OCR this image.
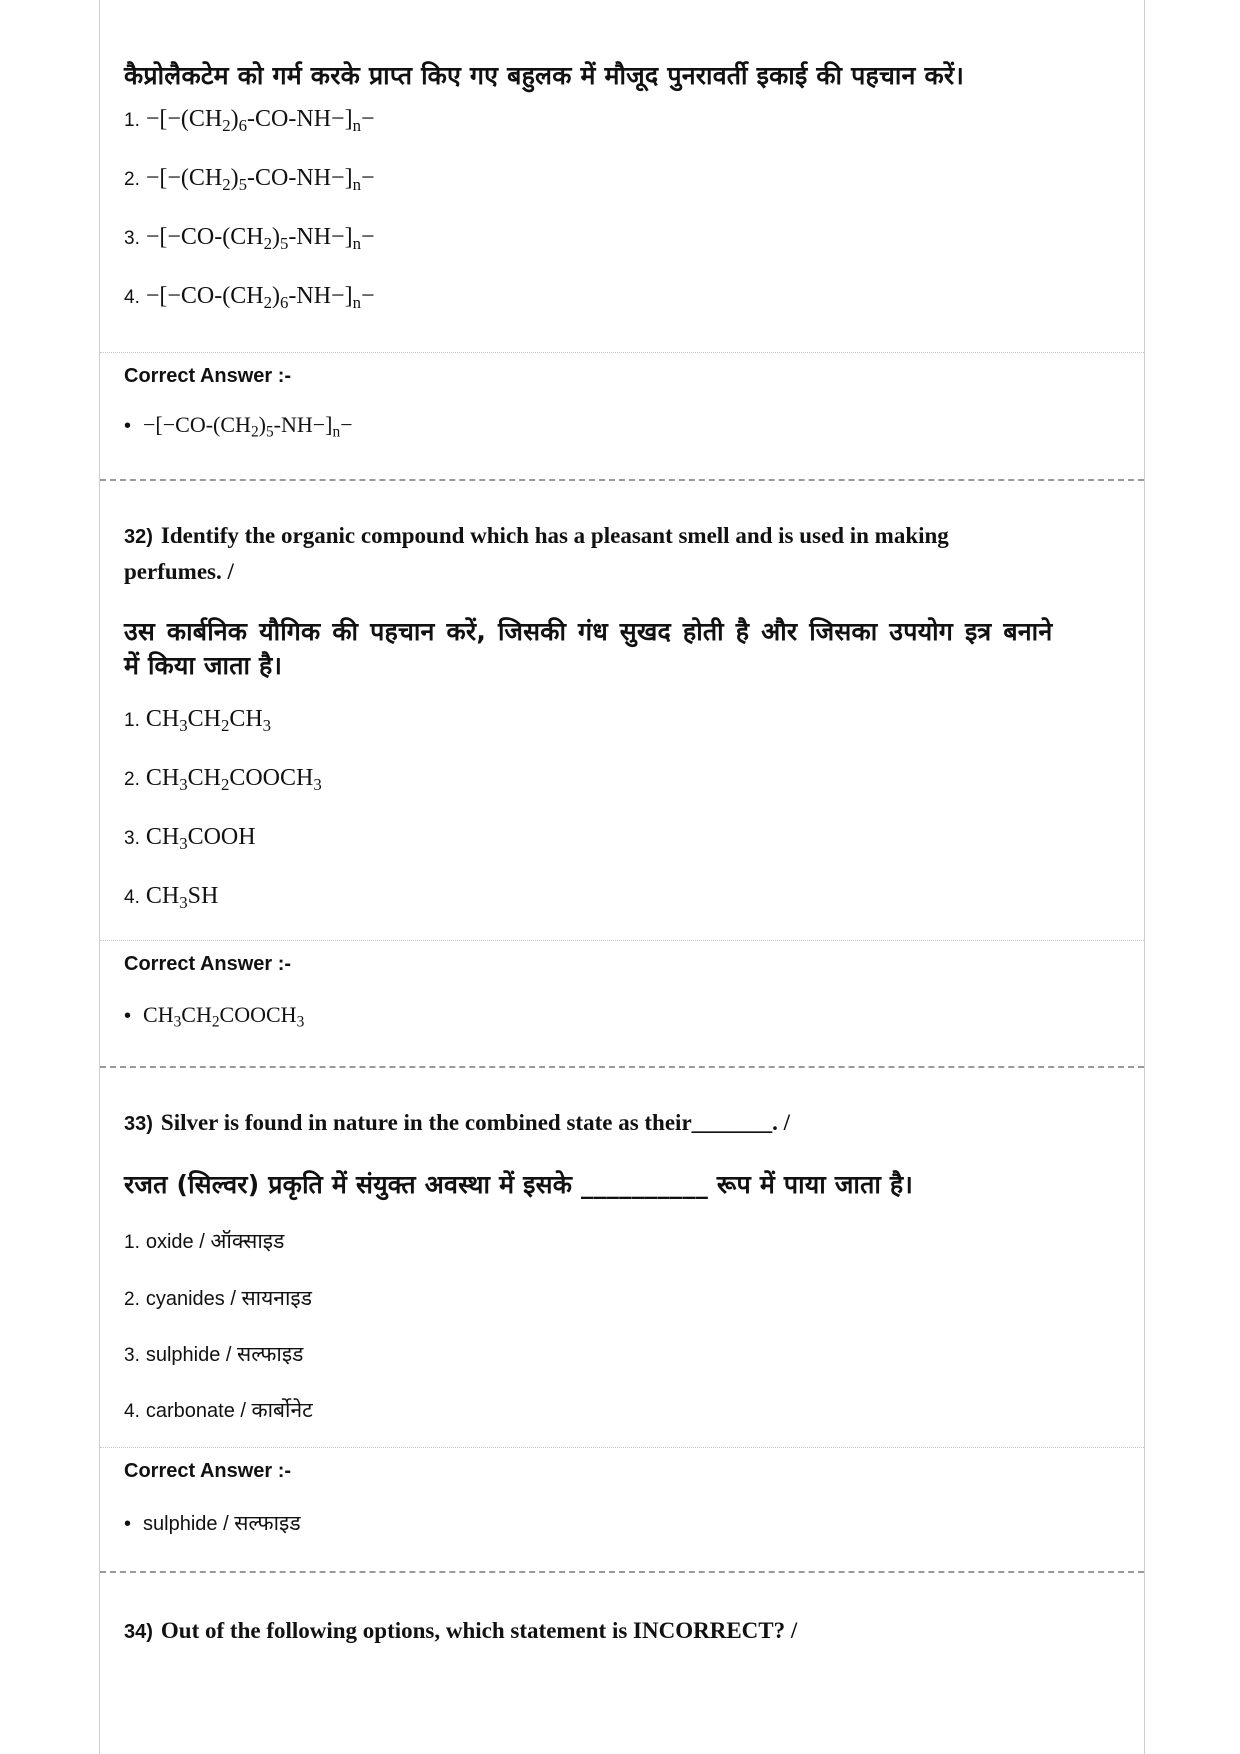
कैप्रोलैकटेम को गर्म करके प्राप्त किए गए बहुलक में मौजूद पुनरावर्ती इकाई की पहचान करें।
1. $-[-(CH_2)_6-CO-NH-]_n-$
2. $-[-(CH_2)_5-CO-NH-]_n-$
3. $-[-CO-(CH_2)_5-NH-]_n-$
4. $-[-CO-(CH_2)_6-NH-]_n-$
Correct Answer :-
• $-[-CO-(CH_2)_5-NH-]_n-$
32) Identify the organic compound which has a pleasant smell and is used in making
perfumes. /
उस कार्बनिक यौगिक की पहचान करें, जिसकी गंध सुखद होती है और जिसका उपयोग इत्र बनाने
में किया जाता है।
1. $CH_3CH_2CH_3$
2. $CH_3CH_2COOCH_3$
3. $CH_3COOH$
4. $CH_3SH$
Correct Answer :-
• $CH_3CH_2COOCH_3$
33) Silver is found in nature in the combined state as their_______. /
रजत (सिल्वर) प्रकृति में संयुक्त अवस्था में इसके __________ रूप में पाया जाता है।
1. oxide / ऑक्साइड
2. cyanides / सायनाइड
3. sulphide / सल्फाइड
4. carbonate / कार्बोनेट
Correct Answer :-
• sulphide / सल्फाइड
34) Out of the following options, which statement is INCORRECT? /
